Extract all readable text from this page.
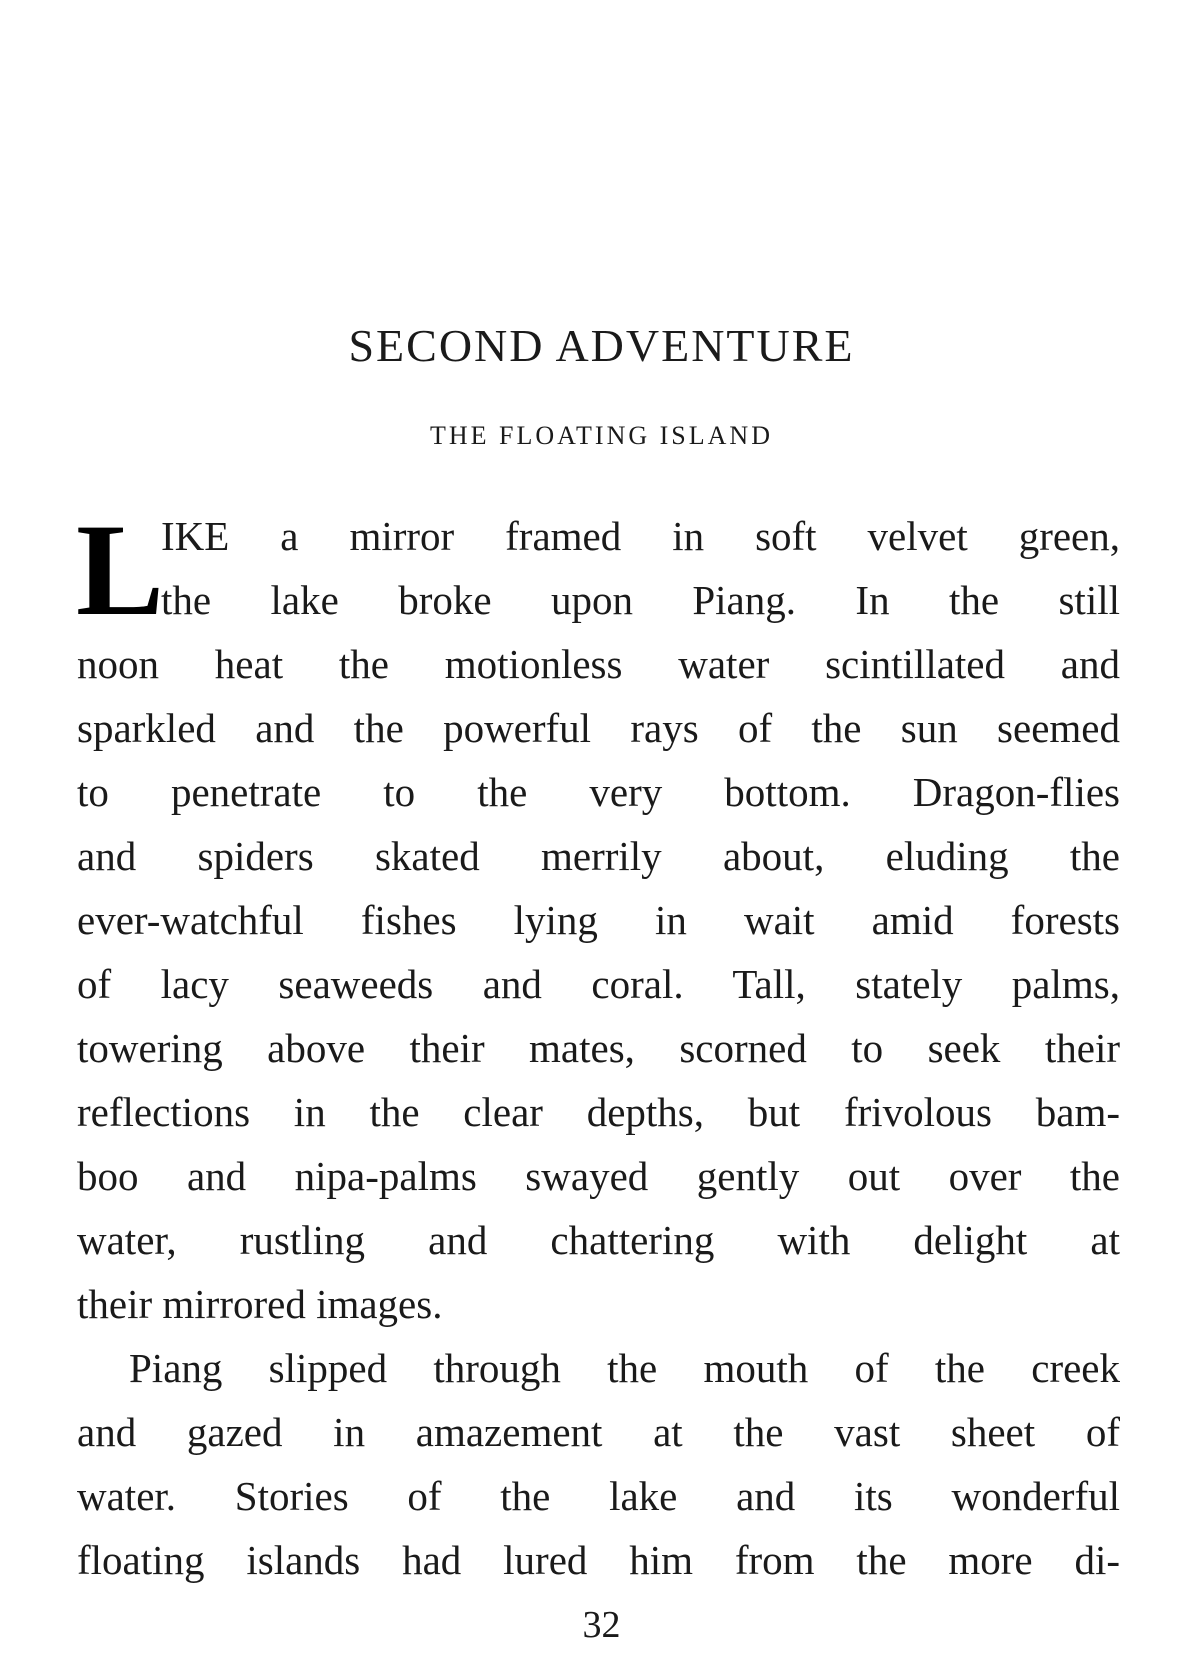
SECOND ADVENTURE
THE FLOATING ISLAND
L
IKE a mirror framed in soft velvet green,
the lake broke upon Piang. In the still
noon heat the motionless water scintillated and
sparkled and the powerful rays of the sun seemed
to penetrate to the very bottom. Dragon-flies
and spiders skated merrily about, eluding the
ever-watchful fishes lying in wait amid forests
of lacy seaweeds and coral. Tall, stately palms,
towering above their mates, scorned to seek their
reflections in the clear depths, but frivolous bam-
boo and nipa-palms swayed gently out over the
water, rustling and chattering with delight at
their mirrored images.
Piang slipped through the mouth of the creek
and gazed in amazement at the vast sheet of
water. Stories of the lake and its wonderful
floating islands had lured him from the more di-
32
